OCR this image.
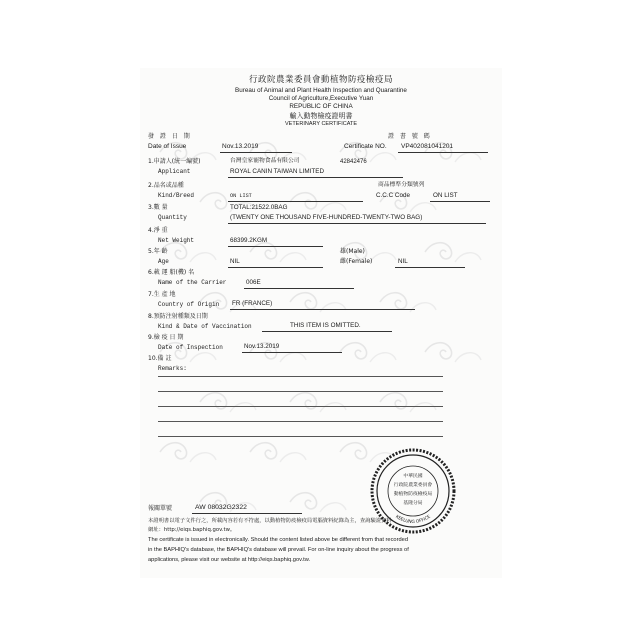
行政院農業委員會動植物防疫檢疫局
Bureau of Animal and Plant Health Inspection and Quarantine
Council of Agriculture,Executive Yuan
REPUBLIC OF CHINA
輸入動物檢疫證明書
VETERINARY CERTIFICATE
發 證 日 期
Date of Issue	Nov.13.2019
證 書 號 碼
Certificate NO. VP402081041201
1.申請人(統一編號)	台灣皇家寵物食品有限公司	42842476
Applicant	ROYAL CANIN TAIWAN LIMITED
2.品名或品種	商品標準分類號列
Kind/Breed	ON LIST	C.C.C Code	ON LIST
3.數 量	TOTAL:21522.0BAG
Quantity	(TWENTY ONE THOUSAND FIVE-HUNDRED-TWENTY-TWO BAG)
4.淨 重
Net Weight	68399.2KGM
5.年 齡	雄(Male)
Age	NIL	雌(Female)	NIL
6.載 運 船(機) 名
Name of the Carrier	006E
7.生 產 地
Country of Origin FR (FRANCE)
8.預防注射種類及日期
Kind & Date of Vaccination	THIS ITEM IS OMITTED.
9.檢 疫 日 期
Date of Inspection	Nov.13.2019
10.備 註
Remarks:
中華民國
行政院農業委員會
動植物防疫檢疫局
基隆分局
KEELUNG OFFICE
報關單號	AW 08032G2322
本證明書以電子文件行之，所載內容若有不符處，以動植物防疫檢疫局電腦資料紀錄為主，查詢驗證資料
網址：http://eiqs.baphiq.gov.tw。
The certificate is issued in electronically. Should the content listed above be different from that recorded
in the BAPHIQ's database, the BAPHIQ's database will prevail. For on-line inquiry about the progress of
applications, please visit our website at http://eiqs.baphiq.gov.tw.
